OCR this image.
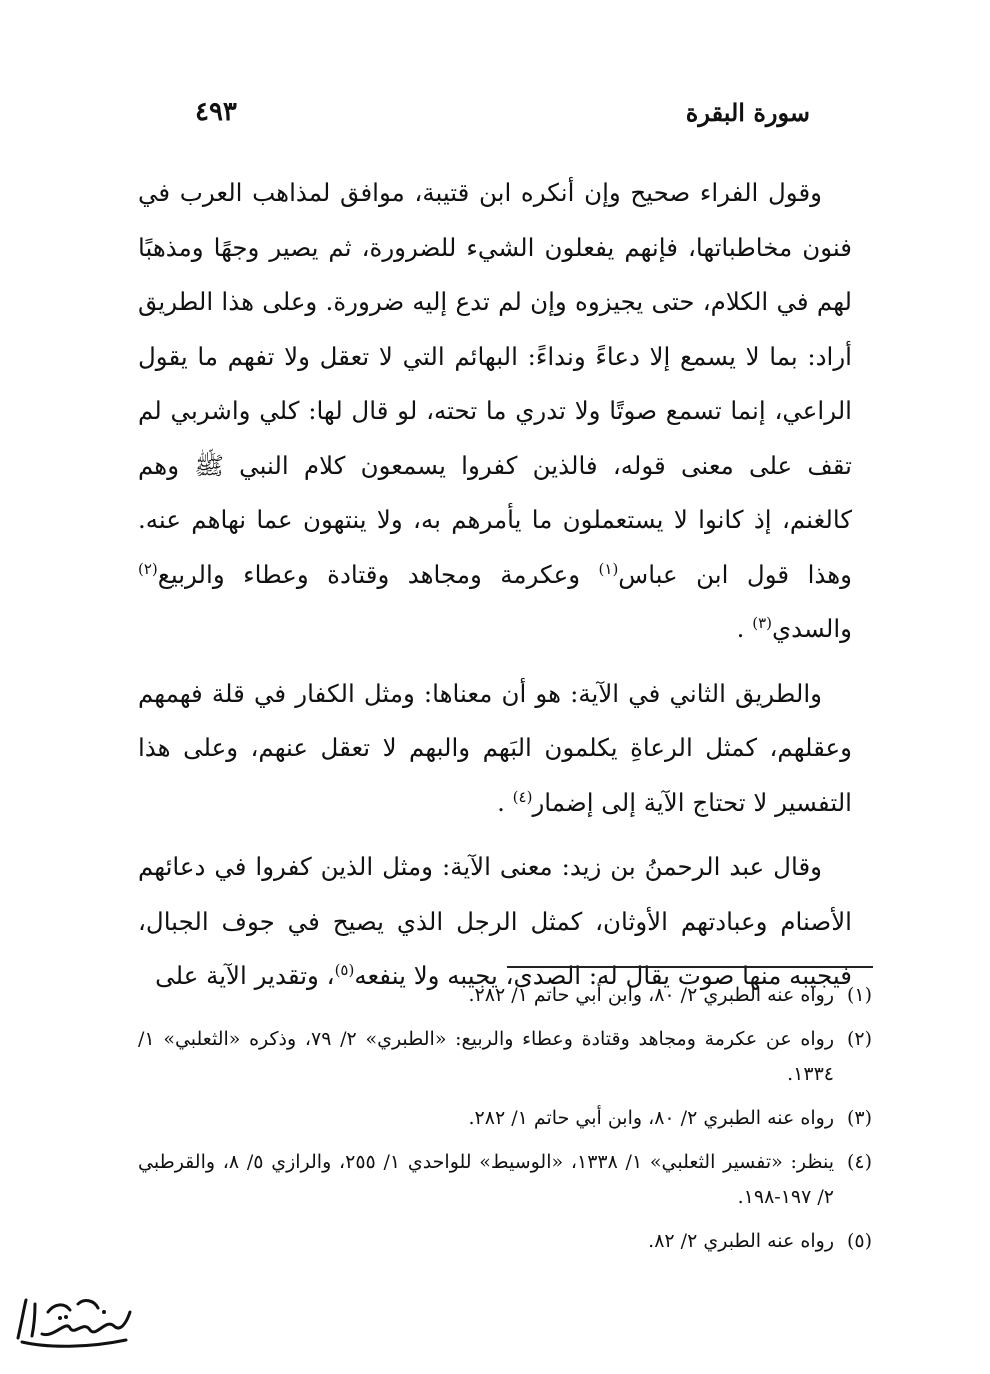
سورة البقرة
٤٩٣

وقول الفراء صحيح وإن أنكره ابن قتيبة، موافق لمذاهب العرب في فنون مخاطباتها، فإنهم يفعلون الشيء للضرورة، ثم يصير وجهًا ومذهبًا لهم في الكلام، حتى يجيزوه وإن لم تدع إليه ضرورة. وعلى هذا الطريق أراد: بما لا يسمع إلا دعاءً ونداءً: البهائم التي لا تعقل ولا تفهم ما يقول الراعي، إنما تسمع صوتًا ولا تدري ما تحته، لو قال لها: كلي واشربي لم تقف على معنى قوله، فالذين كفروا يسمعون كلام النبي ﷺ وهم كالغنم، إذ كانوا لا يستعملون ما يأمرهم به، ولا ينتهون عما نهاهم عنه. وهذا قول ابن عباس$^{(١)}$ وعكرمة ومجاهد وقتادة وعطاء والربيع$^{(٢)}$ والسدي$^{(٣)}$ .

والطريق الثاني في الآية: هو أن معناها: ومثل الكفار في قلة فهمهم وعقلهم، كمثل الرعاةِ يكلمون البَهم والبهم لا تعقل عنهم، وعلى هذا التفسير لا تحتاج الآية إلى إضمار$^{(٤)}$ .

وقال عبد الرحمنُ بن زيد: معنى الآية: ومثل الذين كفروا في دعائهم الأصنام وعبادتهم الأوثان، كمثل الرجل الذي يصيح في جوف الجبال، فيجيبه منها صوت يقال له: الصدى، يجيبه ولا ينفعه$^{(٥)}$، وتقدير الآية على

(١)
رواه عنه الطبري ٢/ ٨٠، وابن أبي حاتم ١/ ٢٨٢.
(٢)
رواه عن عكرمة ومجاهد وقتادة وعطاء والربيع: «الطبري» ٢/ ٧٩، وذكره «الثعلبي» ١/ ١٣٣٤.
(٣)
رواه عنه الطبري ٢/ ٨٠، وابن أبي حاتم ١/ ٢٨٢.
(٤)
ينظر: «تفسير الثعلبي» ١/ ١٣٣٨، «الوسيط» للواحدي ١/ ٢٥٥، والرازي ٥/ ٨، والقرطبي ٢/ ١٩٧-١٩٨.
(٥)
رواه عنه الطبري ٢/ ٨٢.
